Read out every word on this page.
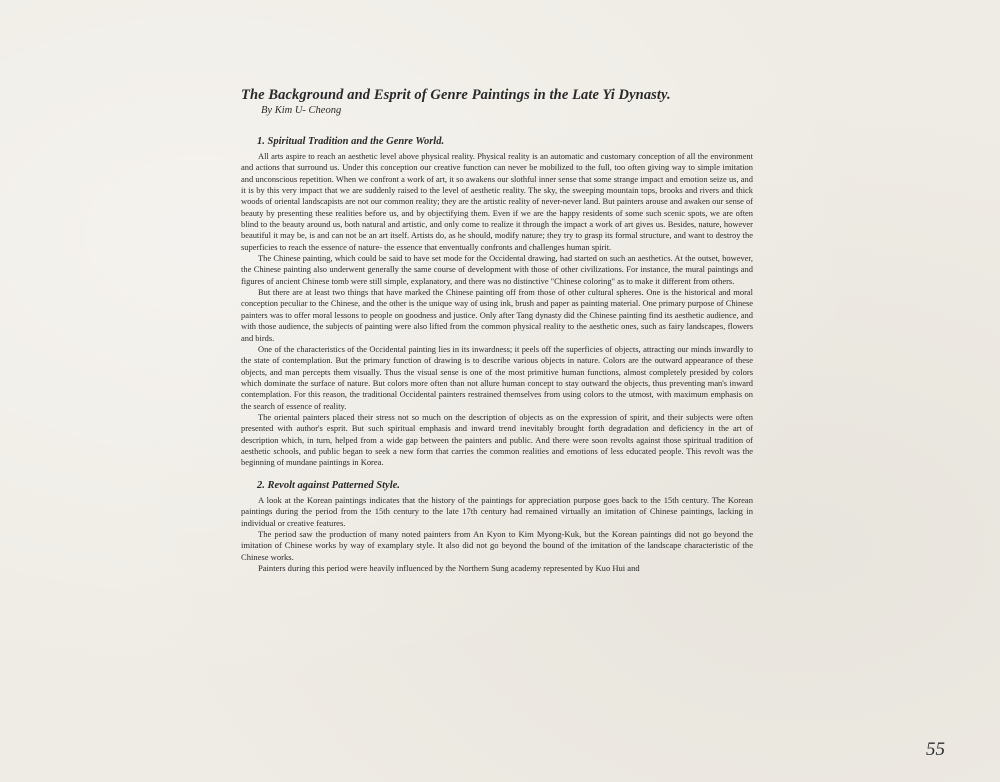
The Background and Esprit of Genre Paintings in the Late Yi Dynasty.

By Kim U- Cheong

1. Spiritual Tradition and the Genre World.

All arts aspire to reach an aesthetic level above physical reality. Physical reality is an automatic and customary conception of all the environment and actions that surround us. Under this conception our creative function can never be mobilized to the full, too often giving way to simple imitation and unconscious repetition. When we confront a work of art, it so awakens our slothful inner sense that some strange impact and emotion seize us, and it is by this very impact that we are suddenly raised to the level of aesthetic reality. The sky, the sweeping mountain tops, brooks and rivers and thick woods of oriental landscapists are not our common reality; they are the artistic reality of never-never land. But painters arouse and awaken our sense of beauty by presenting these realities before us, and by objectifying them. Even if we are the happy residents of some such scenic spots, we are often blind to the beauty around us, both natural and artistic, and only come to realize it through the impact a work of art gives us. Besides, nature, however beautiful it may be, is and can not be an art itself. Artists do, as he should, modify nature; they try to grasp its formal structure, and want to destroy the superficies to reach the essence of nature- the essence that enventually confronts and challenges human spirit.

The Chinese painting, which could be said to have set mode for the Occidental drawing, had started on such an aesthetics. At the outset, however, the Chinese painting also underwent generally the same course of development with those of other civilizations. For instance, the mural paintings and figures of ancient Chinese tomb were still simple, explanatory, and there was no distinctive "Chinese coloring" as to make it different from others.

But there are at least two things that have marked the Chinese painting off from those of other cultural spheres. One is the historical and moral conception peculiar to the Chinese, and the other is the unique way of using ink, brush and paper as painting material. One primary purpose of Chinese painters was to offer moral lessons to people on goodness and justice. Only after Tang dynasty did the Chinese painting find its aesthetic audience, and with those audience, the subjects of painting were also lifted from the common physical reality to the aesthetic ones, such as fairy landscapes, flowers and birds.

One of the characteristics of the Occidental painting lies in its inwardness; it peels off the superficies of objects, attracting our minds inwardly to the state of contemplation. But the primary function of drawing is to describe various objects in nature. Colors are the outward appearance of these objects, and man percepts them visually. Thus the visual sense is one of the most primitive human functions, almost completely presided by colors which dominate the surface of nature. But colors more often than not allure human concept to stay outward the objects, thus preventing man's inward contemplation. For this reason, the traditional Occidental painters restrained themselves from using colors to the utmost, with maximum emphasis on the search of essence of reality.

The oriental painters placed their stress not so much on the description of objects as on the expression of spirit, and their subjects were often presented with author's esprit. But such spiritual emphasis and inward trend inevitably brought forth degradation and deficiency in the art of description which, in turn, helped from a wide gap between the painters and public. And there were soon revolts against those spiritual tradition of aesthetic schools, and public began to seek a new form that carries the common realities and emotions of less educated people. This revolt was the beginning of mundane paintings in Korea.

2. Revolt against Patterned Style.

A look at the Korean paintings indicates that the history of the paintings for appreciation purpose goes back to the 15th century. The Korean paintings during the period from the 15th century to the late 17th century had remained virtually an imitation of Chinese paintings, lacking in individual or creative features.

The period saw the production of many noted painters from An Kyon to Kim Myong-Kuk, but the Korean paintings did not go beyond the imitation of Chinese works by way of examplary style. It also did not go beyond the bound of the imitation of the landscape characteristic of the Chinese works.

Painters during this period were heavily influenced by the Northern Sung academy represented by Kuo Hui and

55
